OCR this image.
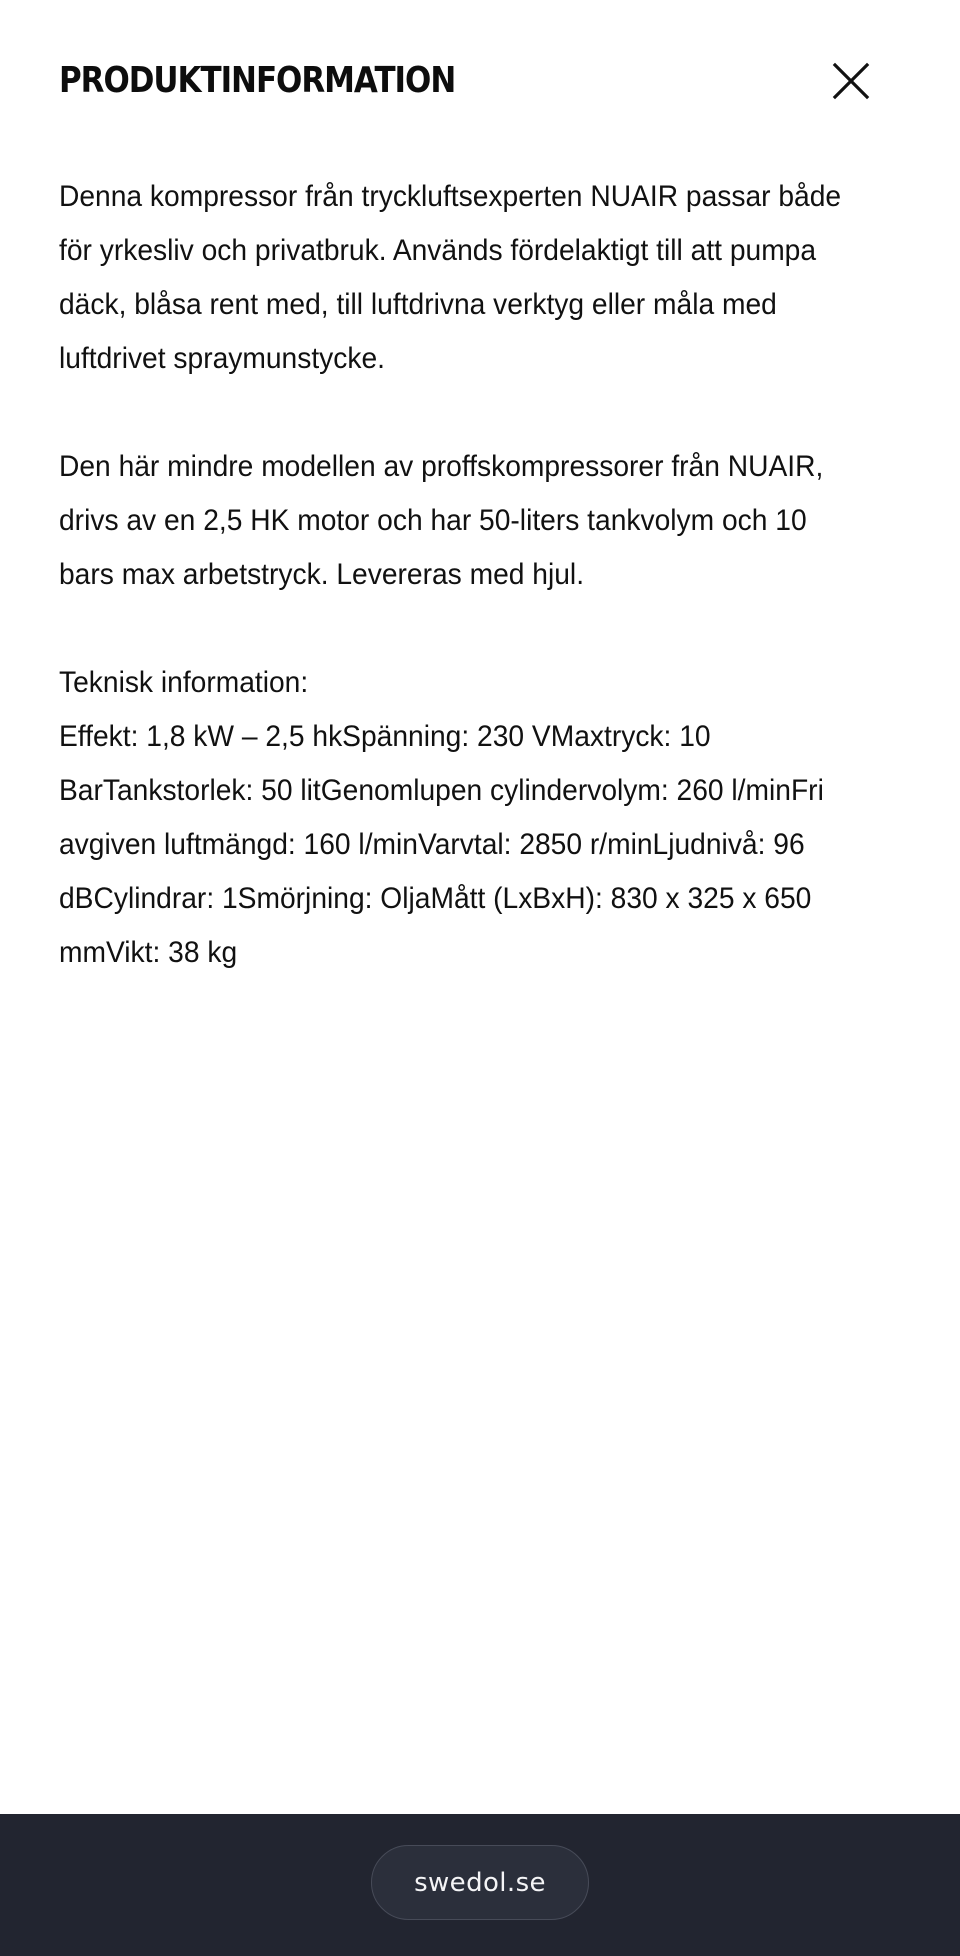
PRODUKTINFORMATION

Denna kompressor från tryckluftsexperten NUAIR passar både
för yrkesliv och privatbruk. Används fördelaktigt till att pumpa
däck, blåsa rent med, till luftdrivna verktyg eller måla med
luftdrivet spraymunstycke.

Den här mindre modellen av proffskompressorer från NUAIR,
drivs av en 2,5 HK motor och har 50-liters tankvolym och 10
bars max arbetstryck. Levereras med hjul.

Teknisk information:
Effekt: 1,8 kW – 2,5 hkSpänning: 230 VMaxtryck: 10
BarTankstorlek: 50 litGenomlupen cylindervolym: 260 l/minFri
avgiven luftmängd: 160 l/minVarvtal: 2850 r/minLjudnivå: 96
dBCylindrar: 1Smörjning: OljaMått (LxBxH): 830 x 325 x 650
mmVikt: 38 kg

swedol.se
